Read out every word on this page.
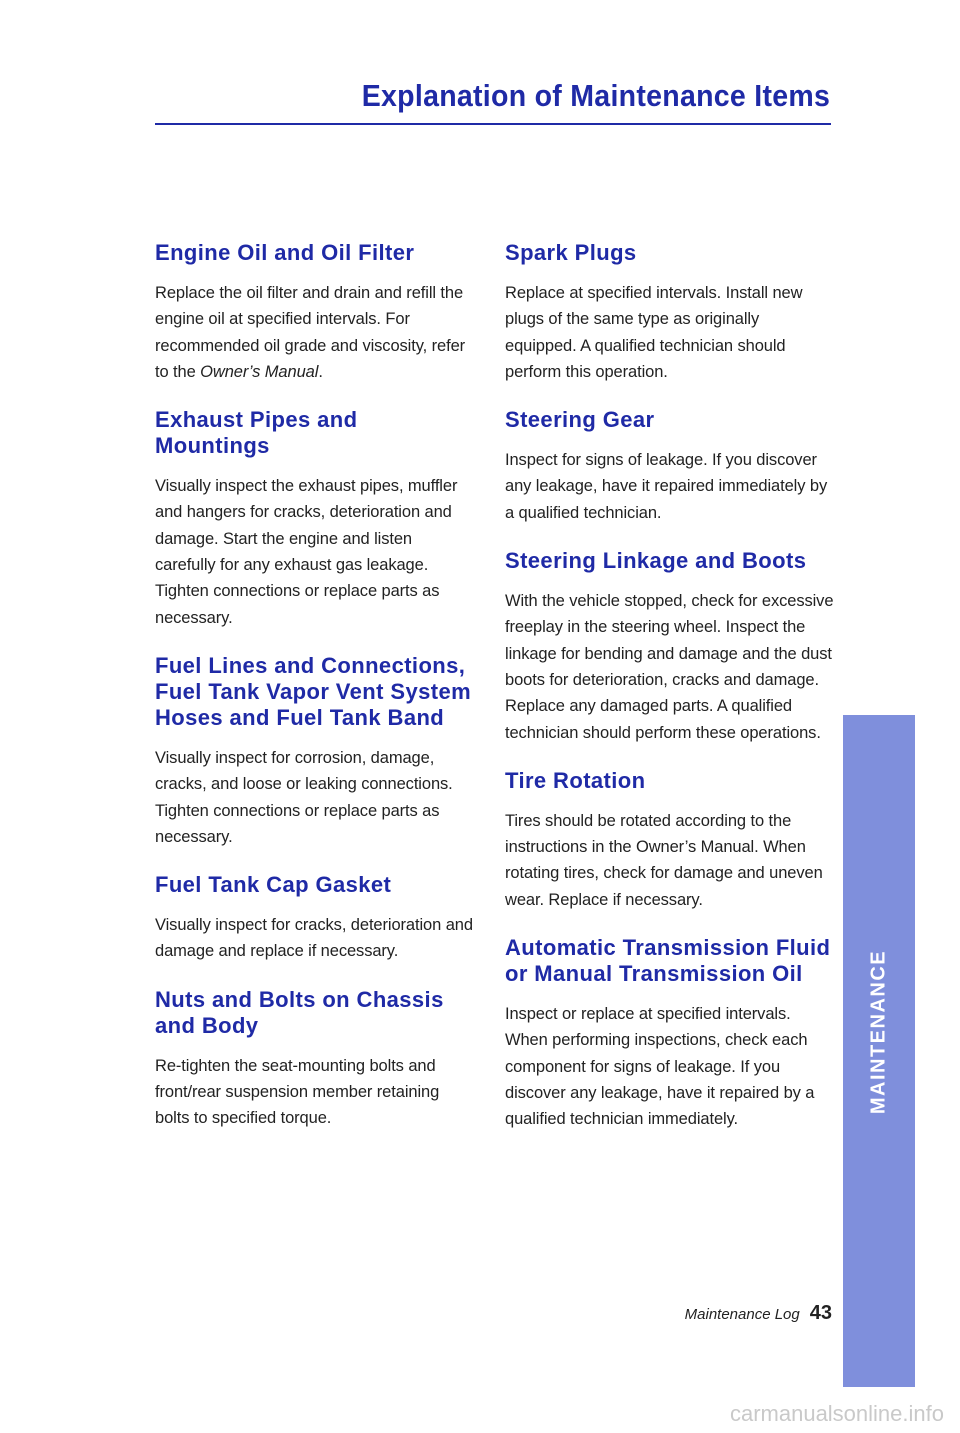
Explanation of Maintenance Items
Engine Oil and Oil Filter

Replace the oil filter and drain and refill the engine oil at specified intervals. For recommended oil grade and viscosity, refer to the Owner’s Manual.

Exhaust Pipes and Mountings

Visually inspect the exhaust pipes, muffler and hangers for cracks, deterioration and damage. Start the engine and listen carefully for any exhaust gas leakage. Tighten connections or replace parts as necessary.

Fuel Lines and Connections, Fuel Tank Vapor Vent System Hoses and Fuel Tank Band

Visually inspect for corrosion, damage, cracks, and loose or leaking connections. Tighten connections or replace parts as necessary.

Fuel Tank Cap Gasket

Visually inspect for cracks, deterioration and damage and replace if necessary.

Nuts and Bolts on Chassis and Body

Re-tighten the seat-mounting bolts and front/rear suspension member retaining bolts to specified torque.

Spark Plugs

Replace at specified intervals. Install new plugs of the same type as originally equipped. A qualified technician should perform this operation.

Steering Gear

Inspect for signs of leakage. If you discover any leakage, have it repaired immediately by a qualified technician.

Steering Linkage and Boots

With the vehicle stopped, check for excessive freeplay in the steering wheel. Inspect the linkage for bending and damage and the dust boots for deterioration, cracks and damage. Replace any damaged parts. A qualified technician should perform these operations.

Tire Rotation

Tires should be rotated according to the instructions in the Owner’s Manual. When rotating tires, check for damage and uneven wear. Replace if necessary.

Automatic Transmission Fluid or Manual Transmission Oil

Inspect or replace at specified intervals. When performing inspections, check each component for signs of leakage. If you discover any leakage, have it repaired by a qualified technician immediately.

MAINTENANCE
Maintenance Log 43
carmanualsonline.info
